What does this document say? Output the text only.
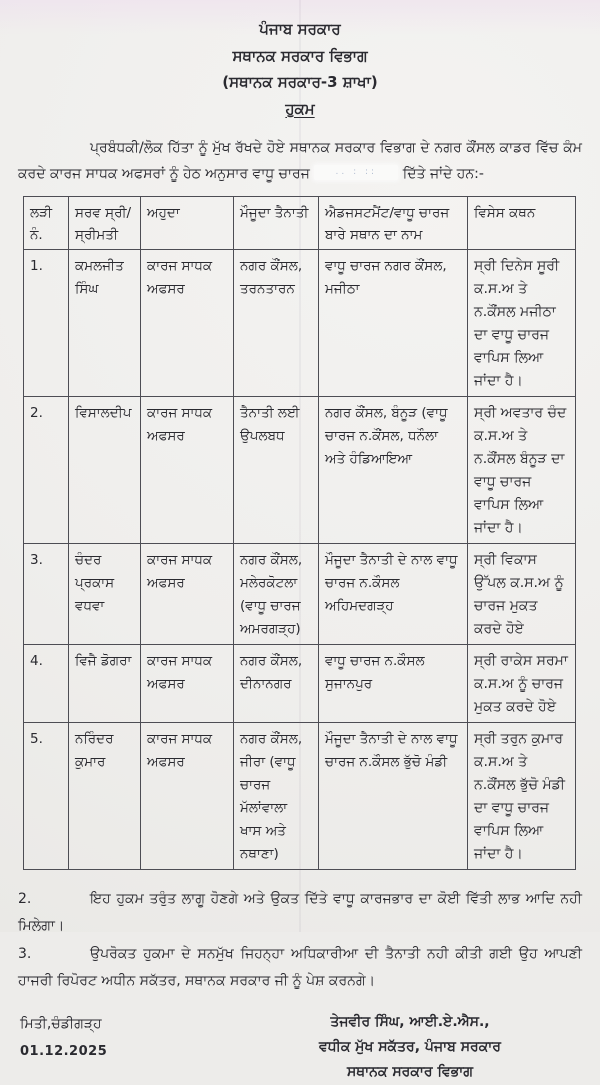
ਪੰਜਾਬ ਸਰਕਾਰ
ਸਥਾਨਕ ਸਰਕਾਰ ਵਿਭਾਗ
(ਸਥਾਨਕ ਸਰਕਾਰ-3 ਸ਼ਾਖਾ)
ਹੁਕਮ

ਪ੍ਰਬੰਧਕੀ/ਲੋਕ ਹਿੱਤਾ ਨੂੰ ਮੁੱਖ ਰੱਖਦੇ ਹੋਏ ਸਥਾਨਕ ਸਰਕਾਰ ਵਿਭਾਗ ਦੇ ਨਗਰ ਕੌਂਸਲ ਕਾਡਰ ਵਿੱਚ ਕੰਮ ਕਰਦੇ ਕਾਰਜ ਸਾਧਕ ਅਫਸਰਾਂ ਨੂੰ ਹੇਠ ਅਨੁਸਾਰ ਵਾਧੂ ਚਾਰਜ	.. : :: ਦਿੱਤੇ ਜਾਂਦੇ ਹਨ:-

ਲੜੀ ਨੰ.	ਸਰਵ ਸ੍ਰੀ/ਸ੍ਰੀਮਤੀ	ਅਹੁਦਾ	ਮੌਜੂਦਾ ਤੈਨਾਤੀ	ਐਡਜਸਟਮੈਂਟ/ਵਾਧੂ ਚਾਰਜ ਬਾਰੇ ਸਥਾਨ ਦਾ ਨਾਮ	ਵਿਸੇਸ ਕਥਨ
1.	ਕਮਲਜੀਤ ਸਿੰਘ	ਕਾਰਜ ਸਾਧਕ ਅਫਸਰ	ਨਗਰ ਕੌਂਸਲ, ਤਰਨਤਾਰਨ	ਵਾਧੂ ਚਾਰਜ ਨਗਰ ਕੌਂਸਲ, ਮਜੀਠਾ	ਸ੍ਰੀ ਦਿਨੇਸ ਸੂਰੀ ਕ.ਸ.ਅ ਤੇ ਨ.ਕੌਂਸਲ ਮਜੀਠਾ ਦਾ ਵਾਧੂ ਚਾਰਜ ਵਾਪਿਸ ਲਿਆ ਜਾਂਦਾ ਹੈ।
2.	ਵਿਸਾਲਦੀਪ	ਕਾਰਜ ਸਾਧਕ ਅਫਸਰ	ਤੈਨਾਤੀ ਲਈ ਉਪਲਬਧ	ਨਗਰ ਕੌਂਸਲ, ਬੰਨੂੜ (ਵਾਧੂ ਚਾਰਜ ਨ.ਕੌਂਸਲ, ਧਨੌਲਾ ਅਤੇ ਹੰਡਿਆਇਆ	ਸ੍ਰੀ ਅਵਤਾਰ ਚੰਦ ਕ.ਸ.ਅ ਤੇ ਨ.ਕੌਂਸਲ ਬੰਨੂੜ ਦਾ ਵਾਧੂ ਚਾਰਜ ਵਾਪਿਸ ਲਿਆ ਜਾਂਦਾ ਹੈ।
3.	ਚੰਦਰ ਪ੍ਰਕਾਸ ਵਧਵਾ	ਕਾਰਜ ਸਾਧਕ ਅਫਸਰ	ਨਗਰ ਕੌਂਸਲ, ਮਲੇਰਕੋਟਲਾ (ਵਾਧੂ ਚਾਰਜ ਅਮਰਗੜ੍ਹ)	ਮੌਜੂਦਾ ਤੈਨਾਤੀ ਦੇ ਨਾਲ ਵਾਧੂ ਚਾਰਜ ਨ.ਕੌਸਲ ਅਹਿਮਦਗੜ੍ਹ	ਸ੍ਰੀ ਵਿਕਾਸ ਉੱਪਲ ਕ.ਸ.ਅ ਨੂੰ ਚਾਰਜ ਮੁਕਤ ਕਰਦੇ ਹੋਏ
4.	ਵਿਜੈ ਡੋਗਰਾ	ਕਾਰਜ ਸਾਧਕ ਅਫਸਰ	ਨਗਰ ਕੌਂਸਲ, ਦੀਨਾਨਗਰ	ਵਾਧੂ ਚਾਰਜ ਨ.ਕੌਸਲ ਸੁਜਾਨਪੁਰ	ਸ੍ਰੀ ਰਾਕੇਸ ਸਰਮਾ ਕ.ਸ.ਅ ਨੂੰ ਚਾਰਜ ਮੁਕਤ ਕਰਦੇ ਹੋਏ
5.	ਨਰਿੰਦਰ ਕੁਮਾਰ	ਕਾਰਜ ਸਾਧਕ ਅਫਸਰ	ਨਗਰ ਕੌਂਸਲ, ਜੀਰਾ (ਵਾਧੂ ਚਾਰਜ ਮੱਲਾਂਵਾਲਾ ਖਾਸ ਅਤੇ ਨਥਾਣਾ)	ਮੌਜੂਦਾ ਤੈਨਾਤੀ ਦੇ ਨਾਲ ਵਾਧੂ ਚਾਰਜ ਨ.ਕੌਸਲ ਭੁੱਚੋ ਮੰਡੀ	ਸ੍ਰੀ ਤਰੁਨ ਕੁਮਾਰ ਕ.ਸ.ਅ ਤੇ ਨ.ਕੌਂਸਲ ਭੁੱਚੋ ਮੰਡੀ ਦਾ ਵਾਧੂ ਚਾਰਜ ਵਾਪਿਸ ਲਿਆ ਜਾਂਦਾ ਹੈ।

2.	ਇਹ ਹੁਕਮ ਤਰੁੰਤ ਲਾਗੂ ਹੋਣਗੇ ਅਤੇ ਉਕਤ ਦਿੱਤੇ ਵਾਧੂ ਕਾਰਜਭਾਰ ਦਾ ਕੋਈ ਵਿੱਤੀ ਲਾਭ ਆਦਿ ਨਹੀ ਮਿਲੇਗਾ।

3.	ਉਪਰੋਕਤ ਹੁਕਮਾ ਦੇ ਸਨਮੁੱਖ ਜਿਹਨ੍ਹਾ ਅਧਿਕਾਰੀਆ ਦੀ ਤੈਨਾਤੀ ਨਹੀ ਕੀਤੀ ਗਈ ਉਹ ਆਪਣੀ ਹਾਜਰੀ ਰਿਪੋਰਟ ਅਧੀਨ ਸਕੱਤਰ, ਸਥਾਨਕ ਸਰਕਾਰ ਜੀ ਨੂੰ ਪੇਸ਼ ਕਰਨਗੇ।

ਮਿਤੀ,ਚੰਡੀਗੜ੍ਹ
01.12.2025
ਤੇਜਵੀਰ ਸਿੰਘ, ਆਈ.ਏ.ਐਸ.,
ਵਧੀਕ ਮੁੱਖ ਸਕੱਤਰ, ਪੰਜਾਬ ਸਰਕਾਰ
ਸਥਾਨਕ ਸਰਕਾਰ ਵਿਭਾਗ
